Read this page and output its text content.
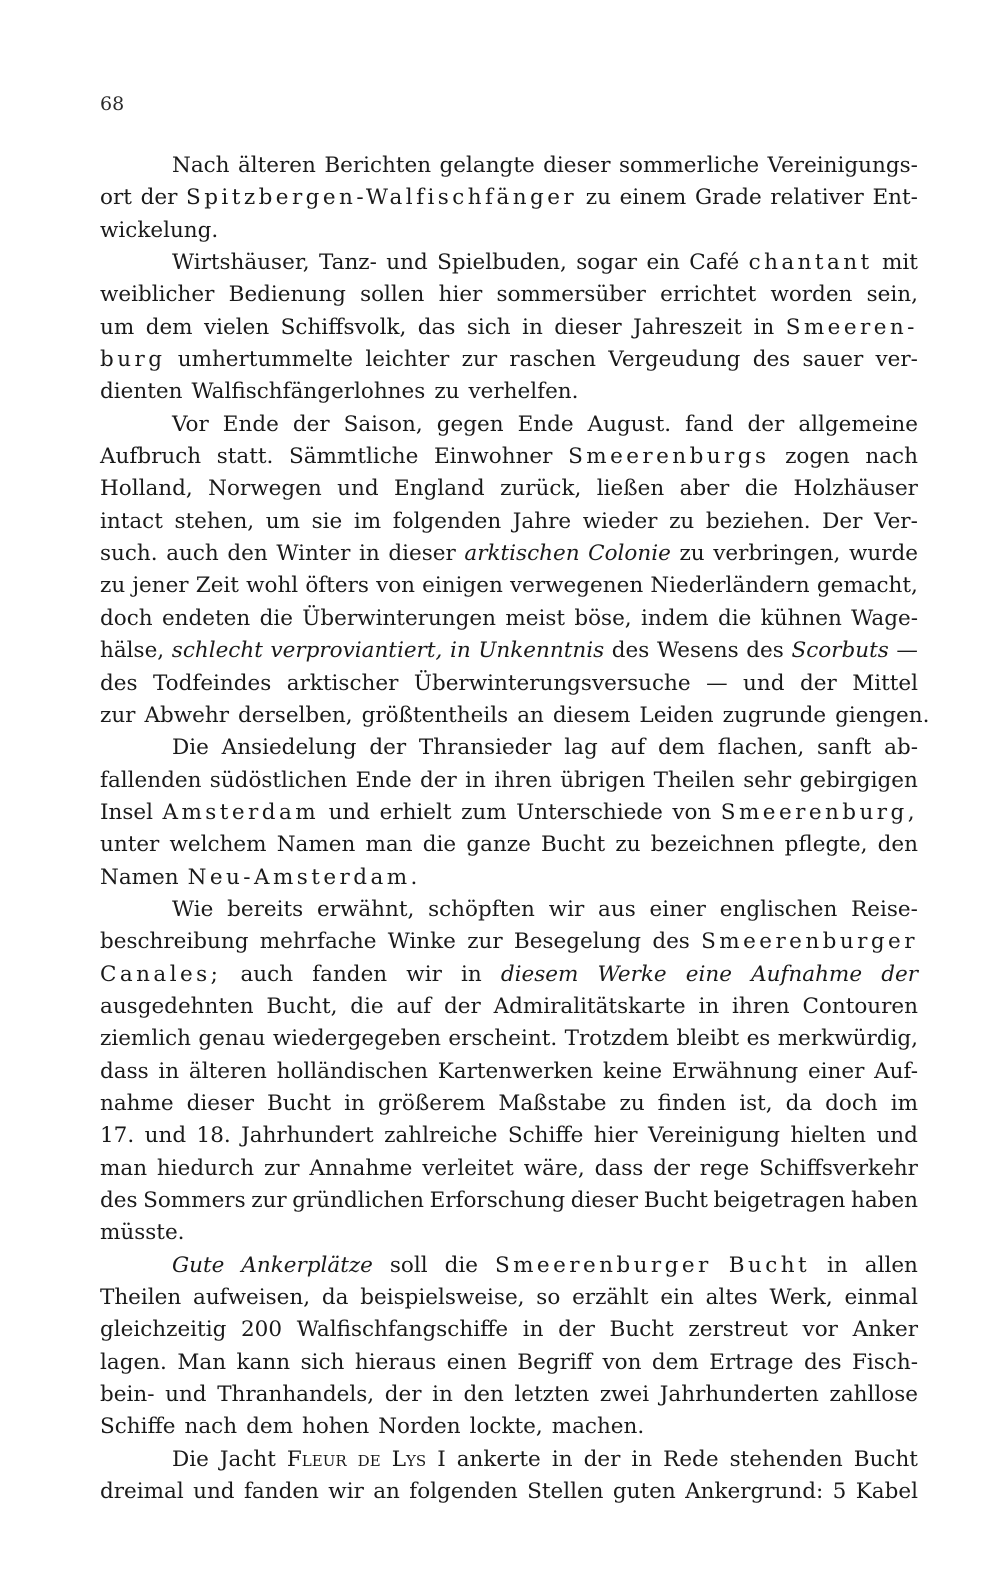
68
Nach älteren Berichten gelangte dieser sommerliche Vereinigungs-
ort der Spitzbergen-Walfischfänger zu einem Grade relativer Ent-
wickelung.
Wirtshäuser, Tanz- und Spielbuden, sogar ein Café chantant mit
weiblicher Bedienung sollen hier sommersüber errichtet worden sein,
um dem vielen Schiffsvolk, das sich in dieser Jahreszeit in Smeeren-
burg umhertummelte leichter zur raschen Vergeudung des sauer ver-
dienten Walfischfängerlohnes zu verhelfen.
Vor Ende der Saison, gegen Ende August. fand der allgemeine
Aufbruch statt. Sämmtliche Einwohner Smeerenburgs zogen nach
Holland, Norwegen und England zurück, ließen aber die Holzhäuser
intact stehen, um sie im folgenden Jahre wieder zu beziehen. Der Ver-
such. auch den Winter in dieser arktischen Colonie zu verbringen, wurde
zu jener Zeit wohl öfters von einigen verwegenen Niederländern gemacht,
doch endeten die Überwinterungen meist böse, indem die kühnen Wage-
hälse, schlecht verproviantiert, in Unkenntnis des Wesens des Scorbuts —
des Todfeindes arktischer Überwinterungsversuche — und der Mittel
zur Abwehr derselben, größtentheils an diesem Leiden zugrunde giengen.
Die Ansiedelung der Thransieder lag auf dem flachen, sanft ab-
fallenden südöstlichen Ende der in ihren übrigen Theilen sehr gebirgigen
Insel Amsterdam und erhielt zum Unterschiede von Smeerenburg,
unter welchem Namen man die ganze Bucht zu bezeichnen pflegte, den
Namen Neu-Amsterdam.
Wie bereits erwähnt, schöpften wir aus einer englischen Reise-
beschreibung mehrfache Winke zur Besegelung des Smeerenburger
Canales; auch fanden wir in diesem Werke eine Aufnahme der
ausgedehnten Bucht, die auf der Admiralitätskarte in ihren Contouren
ziemlich genau wiedergegeben erscheint. Trotzdem bleibt es merkwürdig,
dass in älteren holländischen Kartenwerken keine Erwähnung einer Auf-
nahme dieser Bucht in größerem Maßstabe zu finden ist, da doch im
17. und 18. Jahrhundert zahlreiche Schiffe hier Vereinigung hielten und
man hiedurch zur Annahme verleitet wäre, dass der rege Schiffsverkehr
des Sommers zur gründlichen Erforschung dieser Bucht beigetragen haben
müsste.
Gute Ankerplätze soll die Smeerenburger Bucht in allen
Theilen aufweisen, da beispielsweise, so erzählt ein altes Werk, einmal
gleichzeitig 200 Walfischfangschiffe in der Bucht zerstreut vor Anker
lagen. Man kann sich hieraus einen Begriff von dem Ertrage des Fisch-
bein- und Thranhandels, der in den letzten zwei Jahrhunderten zahllose
Schiffe nach dem hohen Norden lockte, machen.
Die Jacht Fleur de Lys I ankerte in der in Rede stehenden Bucht
dreimal und fanden wir an folgenden Stellen guten Ankergrund: 5 Kabel
